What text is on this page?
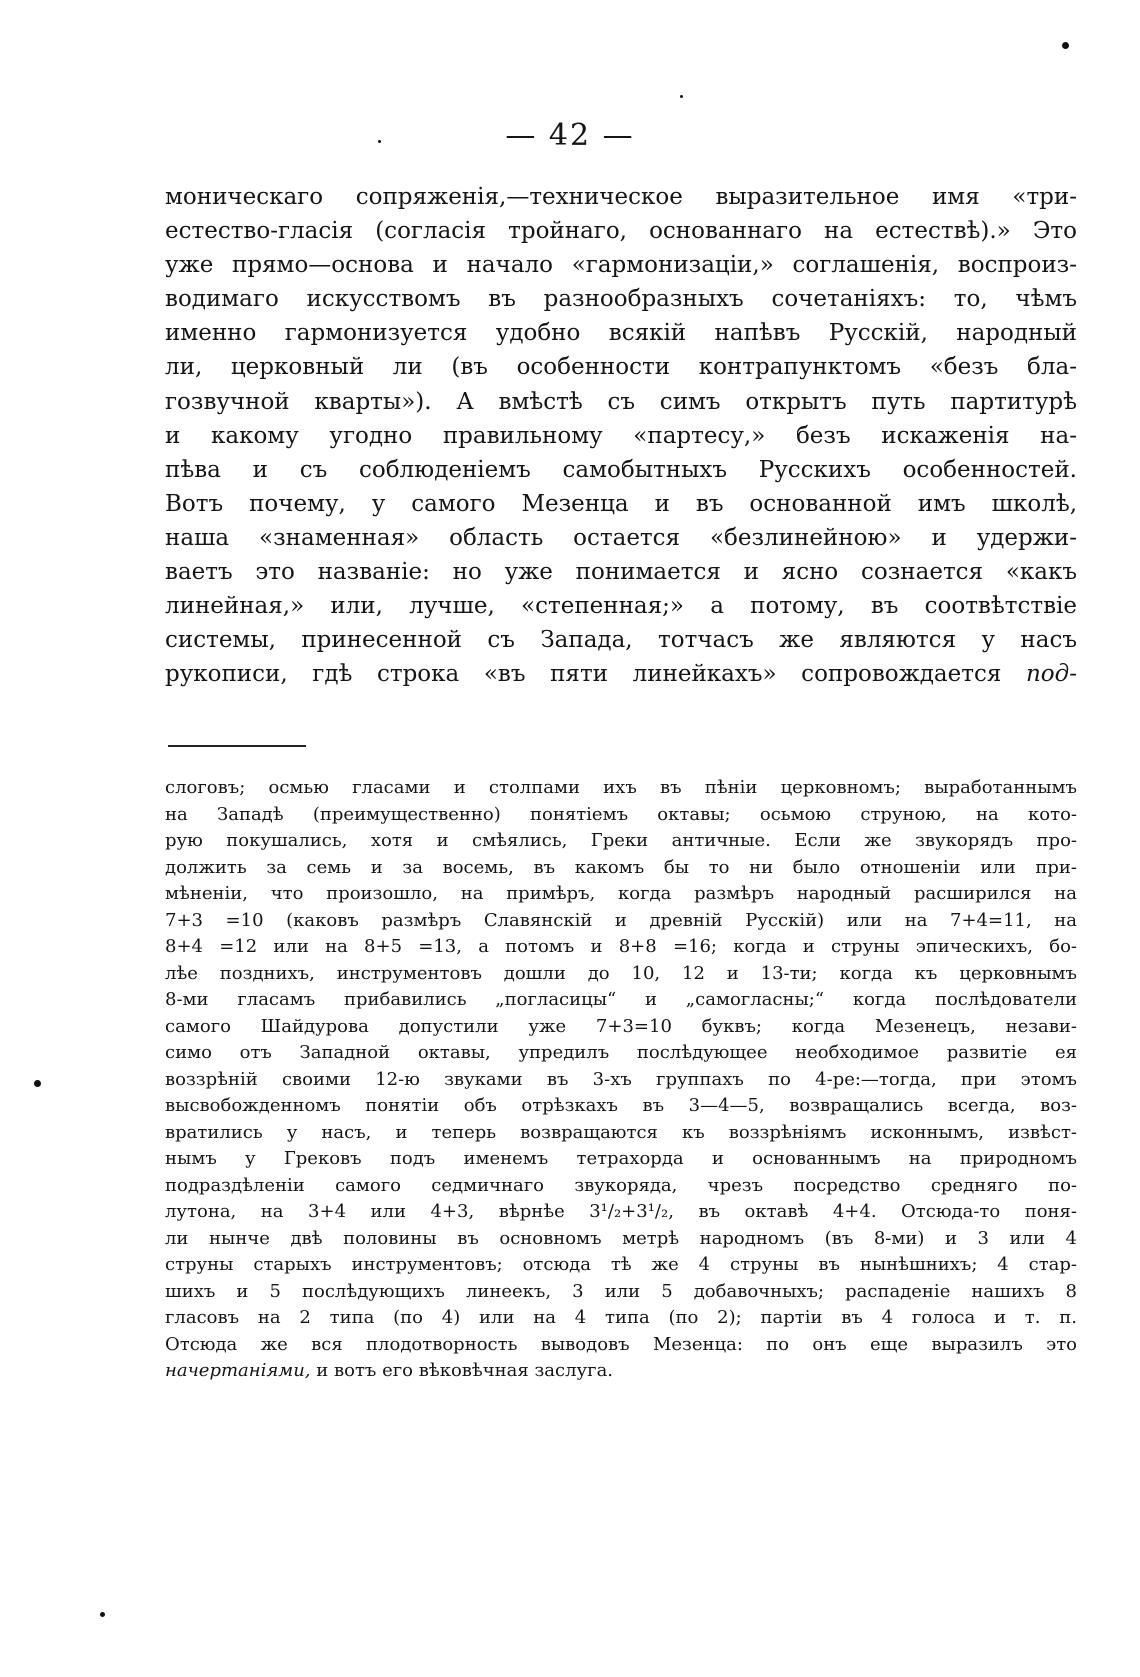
— 42 —
моническаго сопряженія,—техническое выразительное имя «три-
естество-гласія (согласія тройнаго, основаннаго на естествѣ).» Это
уже прямо—основа и начало «гармонизаціи,» соглашенія, воспроиз-
водимаго искусствомъ въ разнообразныхъ сочетаніяхъ: то, чѣмъ
именно гармонизуется удобно всякій напѣвъ Русскій, народный
ли, церковный ли (въ особенности контрапунктомъ «безъ бла-
гозвучной кварты»). А вмѣстѣ съ симъ открытъ путь партитурѣ
и какому угодно правильному «партесу,» безъ искаженія на-
пѣва и съ соблюденіемъ самобытныхъ Русскихъ особенностей.
Вотъ почему, у самого Мезенца и въ основанной имъ школѣ,
наша «знаменная» область остается «безлинейною» и удержи-
ваетъ это названіе: но уже понимается и ясно сознается «какъ
линейная,» или, лучше, «степенная;» а потому, въ соотвѣтствіе
системы, принесенной съ Запада, тотчасъ же являются у насъ
рукописи, гдѣ строка «въ пяти линейкахъ» сопровождается под-
слоговъ; осмью гласами и столпами ихъ въ пѣніи церковномъ; выработаннымъ
на Западѣ (преимущественно) понятіемъ октавы; осьмою струною, на кото-
рую покушались, хотя и смѣялись, Греки античные. Если же звукорядъ про-
должить за семь и за восемь, въ какомъ бы то ни было отношеніи или при-
мѣненіи, что произошло, на примѣръ, когда размѣръ народный расширился на
7+3 =10 (каковъ размѣръ Славянскій и древній Русскій) или на 7+4=11, на
8+4 =12 или на 8+5 =13, а потомъ и 8+8 =16; когда и струны эпическихъ, бо-
лѣе позднихъ, инструментовъ дошли до 10, 12 и 13-ти; когда къ церковнымъ
8-ми гласамъ прибавились „погласицы“ и „самогласны;“ когда послѣдователи
самого Шайдурова допустили уже 7+3=10 буквъ; когда Мезенецъ, незави-
симо отъ Западной октавы, упредилъ послѣдующее необходимое развитіе ея
воззрѣній своими 12-ю звуками въ 3-хъ группахъ по 4-ре:—тогда, при этомъ
высвобожденномъ понятіи объ отрѣзкахъ въ 3—4—5, возвращались всегда, воз-
вратились у насъ, и теперь возвращаются къ воззрѣніямъ исконнымъ, извѣст-
нымъ у Грековъ подъ именемъ тетрахорда и основаннымъ на природномъ
подраздѣленіи самого седмичнаго звукоряда, чрезъ посредство средняго по-
лутона, на 3+4 или 4+3, вѣрнѣе 3¹/₂+3¹/₂, въ октавѣ 4+4. Отсюда-то поня-
ли нынче двѣ половины въ основномъ метрѣ народномъ (въ 8-ми) и 3 или 4
струны старыхъ инструментовъ; отсюда тѣ же 4 струны въ нынѣшнихъ; 4 стар-
шихъ и 5 послѣдующихъ линеекъ, 3 или 5 добавочныхъ; распаденіе нашихъ 8
гласовъ на 2 типа (по 4) или на 4 типа (по 2); партіи въ 4 голоса и т. п.
Отсюда же вся плодотворность выводовъ Мезенца: по онъ еще выразилъ это
начертаніями, и вотъ его вѣковѣчная заслуга.
